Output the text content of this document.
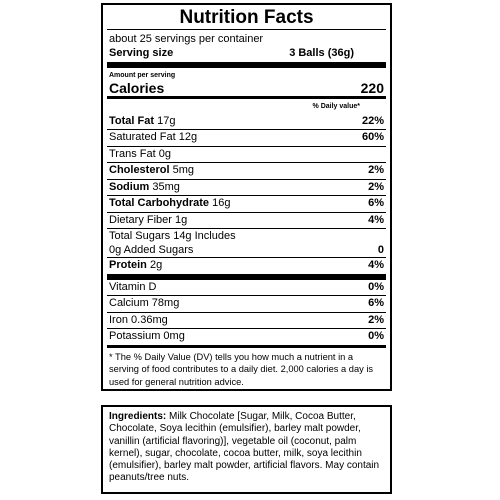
Nutrition Facts
about 25 servings per container
Serving size	3 Balls (36g)
Amount per serving
Calories	220
% Daily value*
Total Fat 17g	22%
Saturated Fat 12g	60%
Trans Fat 0g
Cholesterol 5mg	2%
Sodium 35mg	2%
Total Carbohydrate 16g	6%
Dietary Fiber 1g	4%
Total Sugars 14g Includes
0g Added Sugars	0
Protein 2g	4%
Vitamin D	0%
Calcium 78mg	6%
Iron 0.36mg	2%
Potassium 0mg	0%
* The % Daily Value (DV) tells you how much a nutrient in a serving of food contributes to a daily diet. 2,000 calories a day is used for general nutrition advice.
Ingredients: Milk Chocolate [Sugar, Milk, Cocoa Butter, Chocolate, Soya lecithin (emulsifier), barley malt powder, vanillin (artificial flavoring)], vegetable oil (coconut, palm kernel), sugar, chocolate, cocoa butter, milk, soya lecithin (emulsifier), barley malt powder, artificial flavors. May contain peanuts/tree nuts.
